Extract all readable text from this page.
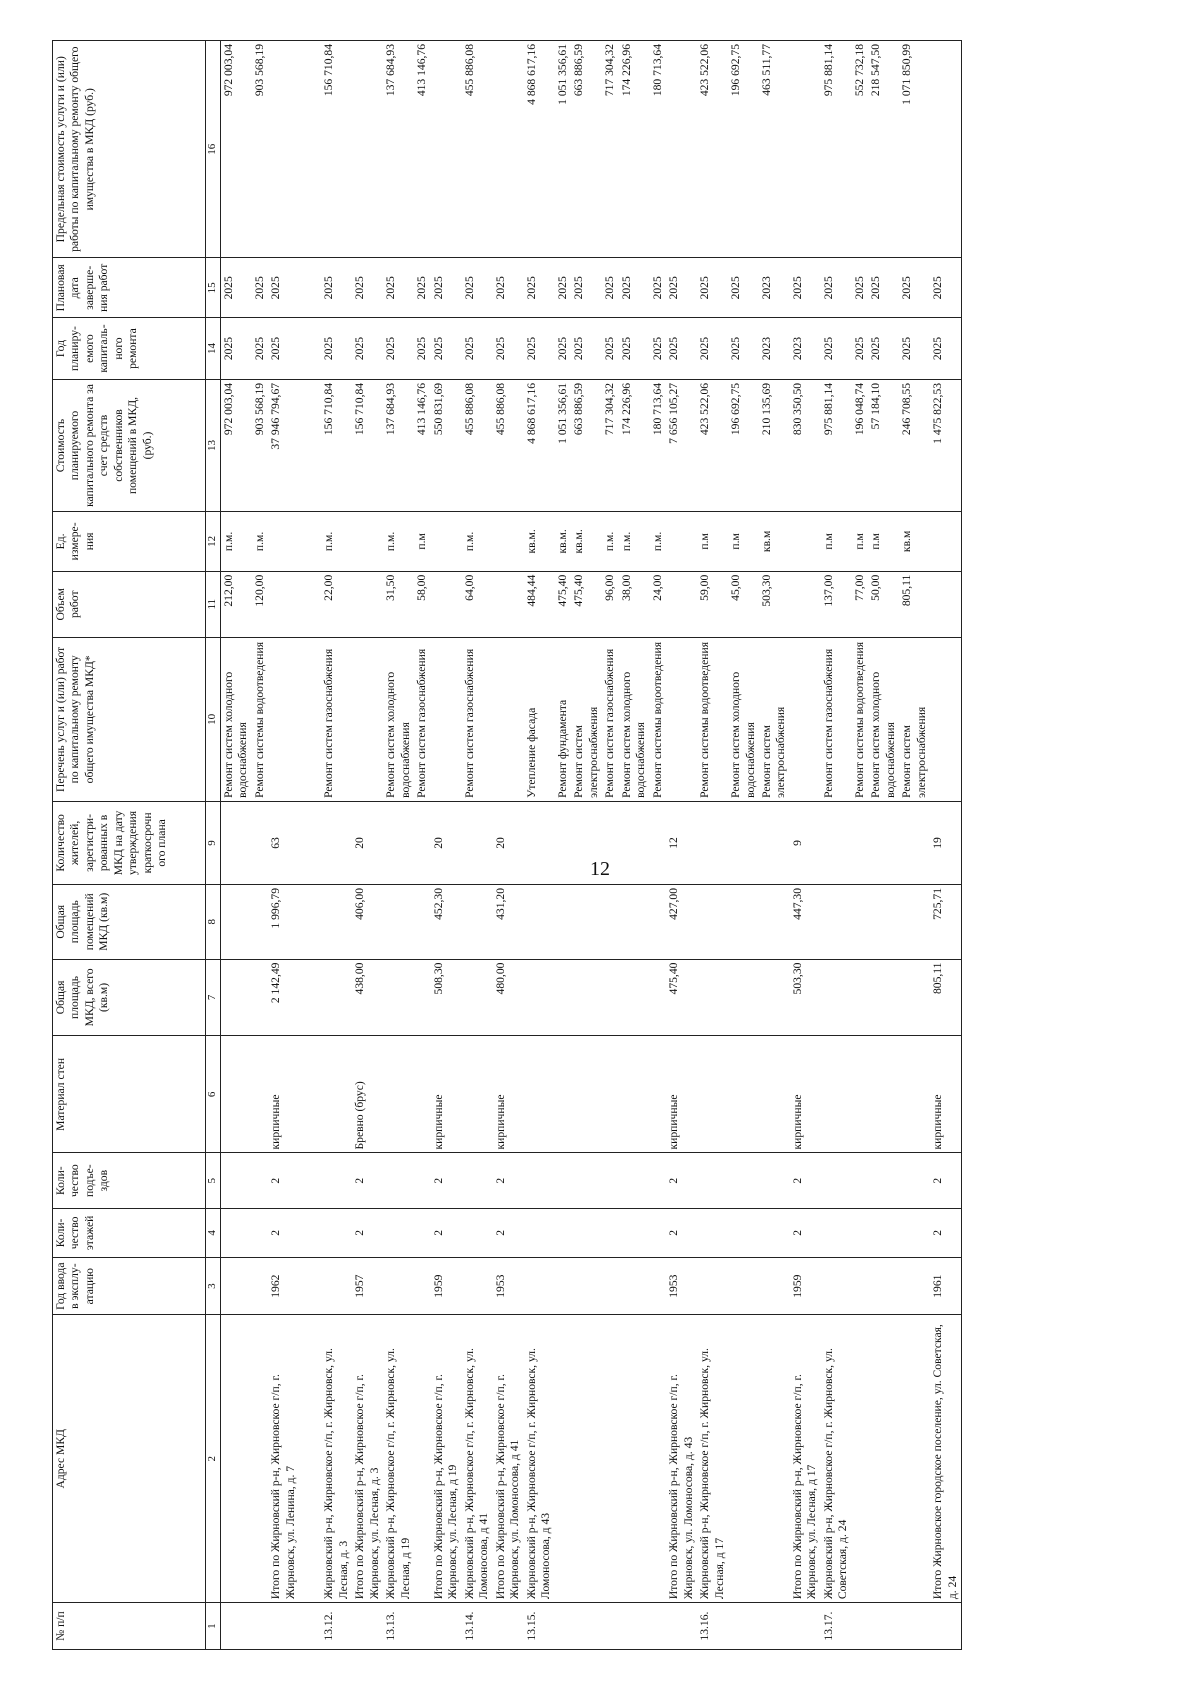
12
№ п/п	Адрес МКД	Год ввода в эксплу-атацию	Коли-чество этажей	Коли-чество подъе-здов	Материал стен	Общая площадь МКД, всего (кв.м)	Общая площадь помещений МКД (кв.м)	Количество жителей, зарегистри-рованных в МКД на дату утверждения краткосрочн ого плана	Перечень услуг и (или) работ по капитальному ремонту общего имущества МКД*	Объем работ	Ед. измере-ния	Стоимость планируемого капитального ремонта за счет средств собственников помещений в МКД, (руб.)	Год планиру-емого капиталь-ного ремонта	Плановая дата заверше-ния работ	Предельная стоимость услуги и (или) работы по капитальному ремонту общего имущества в МКД (руб.)
1	2	3	4	5	6	7	8	9	10	11	12	13	14	15	16
									Ремонт систем холодного водоснабжения	212,00	п.м.	972 003,04	2025	2025	972 003,04
									Ремонт системы водоотведения	120,00	п.м.	903 568,19	2025	2025	903 568,19
	Итого по Жирновский р-н, Жирновское г/п, г. Жирновск, ул. Ленина, д. 7	1962	2	2	кирпичные	2 142,49	1 996,79	63				37 946 794,67	2025	2025	

13.12.	Жирновский р-н, Жирновское г/п, г. Жирновск, ул. Лесная, д. 3								Ремонт систем газоснабжения	22,00	п.м.	156 710,84	2025	2025	156 710,84
	Итого по Жирновский р-н, Жирновское г/п, г. Жирновск, ул. Лесная, д. 3	1957	2	2	Бревно (брус)	438,00	406,00	20				156 710,84	2025	2025	
13.13.	Жирновский р-н, Жирновское г/п, г. Жирновск, ул. Лесная, д 19								Ремонт систем холодного водоснабжения	31,50	п.м.	137 684,93	2025	2025	137 684,93
									Ремонт систем газоснабжения	58,00	п.м	413 146,76	2025	2025	413 146,76
	Итого по Жирновский р-н, Жирновское г/п, г. Жирновск, ул. Лесная, д 19	1959	2	2	кирпичные	508,30	452,30	20				550 831,69	2025	2025	
13.14.	Жирновский р-н, Жирновское г/п, г. Жирновск, ул. Ломоносова, д 41								Ремонт систем газоснабжения	64,00	п.м.	455 886,08	2025	2025	455 886,08
	Итого по Жирновский р-н, Жирновское г/п, г. Жирновск, ул. Ломоносова, д 41	1953	2	2	кирпичные	480,00	431,20	20				455 886,08	2025	2025	
13.15.	Жирновский р-н, Жирновское г/п, г. Жирновск, ул. Ломоносова, д 43								Утепление фасада	484,44	кв.м.	4 868 617,16	2025	2025	4 868 617,16
									Ремонт фундамента	475,40	кв.м.	1 051 356,61	2025	2025	1 051 356,61
									Ремонт систем электроснабжения	475,40	кв.м.	663 886,59	2025	2025	663 886,59
									Ремонт систем газоснабжения	96,00	п.м.	717 304,32	2025	2025	717 304,32
									Ремонт систем холодного водоснабжения	38,00	п.м.	174 226,96	2025	2025	174 226,96
									Ремонт системы водоотведения	24,00	п.м.	180 713,64	2025	2025	180 713,64
	Итого по Жирновский р-н, Жирновское г/п, г. Жирновск, ул. Ломоносова, д. 43	1953	2	2	кирпичные	475,40	427,00	12				7 656 105,27	2025	2025	
13.16.	Жирновский р-н, Жирновское г/п, г. Жирновск, ул. Лесная, д 17								Ремонт системы водоотведения	59,00	п.м	423 522,06	2025	2025	423 522,06
									Ремонт систем холодного водоснабжения	45,00	п.м	196 692,75	2025	2025	196 692,75
									Ремонт систем электроснабжения	503,30	кв.м	210 135,69	2023	2023	463 511,77
	Итого по Жирновский р-н, Жирновское г/п, г. Жирновск, ул. Лесная, д 17	1959	2	2	кирпичные	503,30	447,30	9				830 350,50	2023	2025	
13.17.	Жирновский р-н, Жирновское г/п, г. Жирновск, ул. Советская, д. 24								Ремонт систем газоснабжения	137,00	п.м	975 881,14	2025	2025	975 881,14
									Ремонт системы водоотведения	77,00	п.м	196 048,74	2025	2025	552 732,18
									Ремонт систем холодного водоснабжения	50,00	п.м	57 184,10	2025	2025	218 547,50
									Ремонт систем электроснабжения	805,11	кв.м	246 708,55	2025	2025	1 071 850,99
	Итого Жирновское городское поселение, ул. Советская, д. 24	1961	2	2	кирпичные	805,11	725,71	19				1 475 822,53	2025	2025	
